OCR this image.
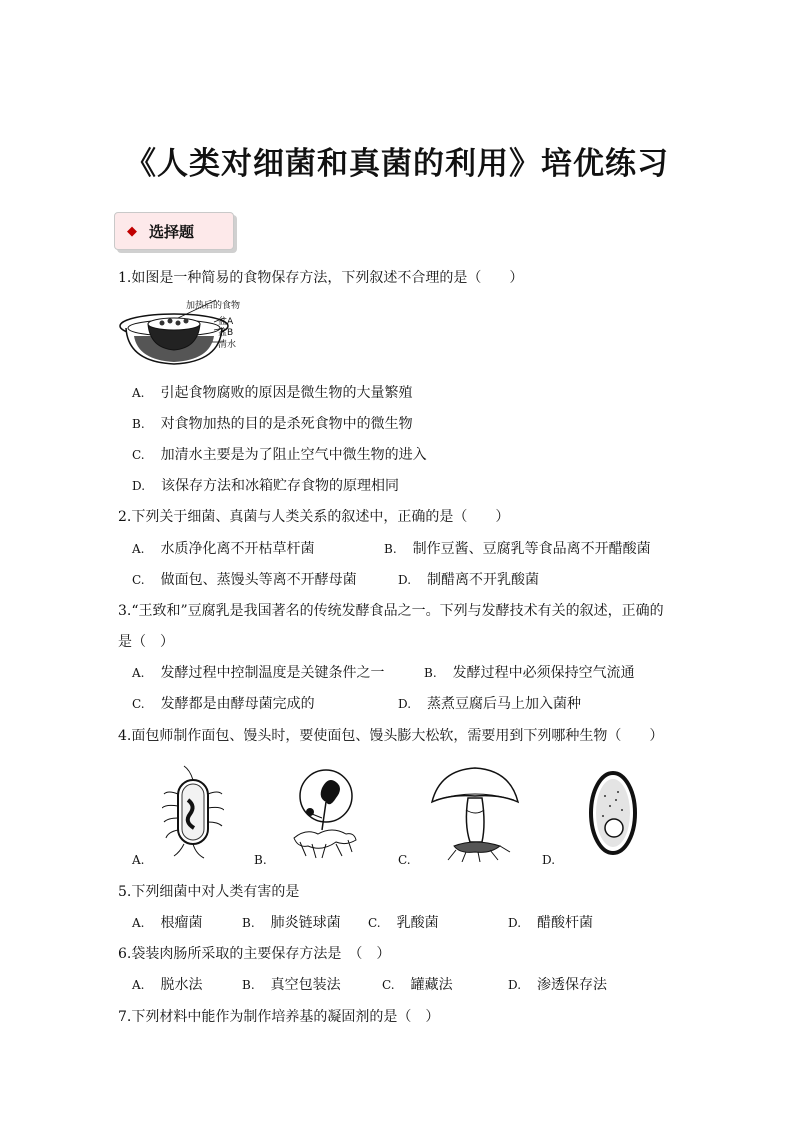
《人类对细菌和真菌的利用》培优练习
◆ 选择题
1.如图是一种简易的食物保存方法，下列叙述不合理的是（　　）
加热后的食物
盆A
盆B
清水
A. 引起食物腐败的原因是微生物的大量繁殖
B. 对食物加热的目的是杀死食物中的微生物
C. 加清水主要是为了阻止空气中微生物的进入
D. 该保存方法和冰箱贮存食物的原理相同
2.下列关于细菌、真菌与人类关系的叙述中，正确的是（　　）
A. 水质净化离不开枯草杆菌	B. 制作豆酱、豆腐乳等食品离不开醋酸菌
C. 做面包、蒸馒头等离不开酵母菌	D. 制醋离不开乳酸菌
3.“王致和”豆腐乳是我国著名的传统发酵食品之一。下列与发酵技术有关的叙述，正确的
是（　）
A. 发酵过程中控制温度是关键条件之一	B. 发酵过程中必须保持空气流通
C. 发酵都是由酵母菌完成的	D. 蒸煮豆腐后马上加入菌种
4.面包师制作面包、馒头时，要使面包、馒头膨大松软，需要用到下列哪种生物（　　）
A.	B.	C.	D.
5.下列细菌中对人类有害的是
A. 根瘤菌	B. 肺炎链球菌 C. 乳酸菌	D. 醋酸杆菌
6.袋装肉肠所采取的主要保存方法是　（　）
A. 脱水法	B. 真空包装法	C. 罐藏法	D. 渗透保存法
7.下列材料中能作为制作培养基的凝固剂的是（　）
